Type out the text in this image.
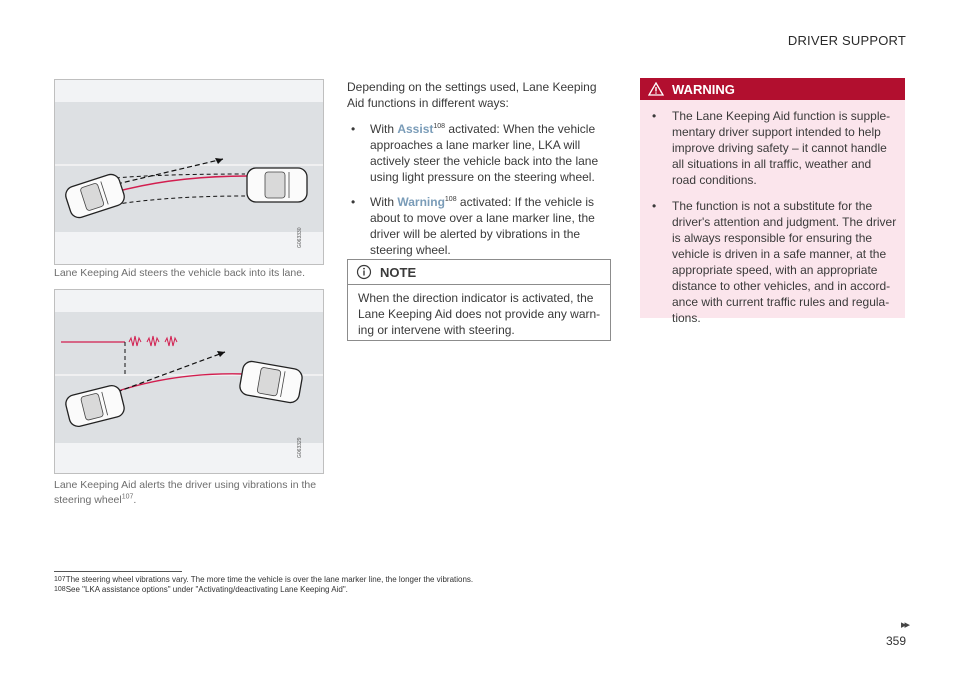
DRIVER SUPPORT
G063330
Lane Keeping Aid steers the vehicle back into its lane.
G063329
Lane Keeping Aid alerts the driver using vibrations in the steering wheel$^{107}$.

Depending on the settings used, Lane Keeping Aid functions in different ways:

• With Assist$^{108}$ activated: When the vehicle approaches a lane marker line, LKA will actively steer the vehicle back into the lane using light pressure on the steering wheel.
• With Warning$^{108}$ activated: If the vehicle is about to move over a lane marker line, the driver will be alerted by vibrations in the steering wheel.
NOTE
When the direction indicator is activated, the Lane Keeping Aid does not provide any warn-ing or intervene with steering.
WARNING
• The Lane Keeping Aid function is supple-mentary driver support intended to help improve driving safety – it cannot handle all situations in all traffic, weather and road conditions.
• The function is not a substitute for the driver's attention and judgment. The driver is always responsible for ensuring the vehicle is driven in a safe manner, at the appropriate speed, with an appropriate distance to other vehicles, and in accord-ance with current traffic rules and regula-tions.
107The steering wheel vibrations vary. The more time the vehicle is over the lane marker line, the longer the vibrations.
108See "LKA assistance options" under "Activating/deactivating Lane Keeping Aid".
▸▸
359
